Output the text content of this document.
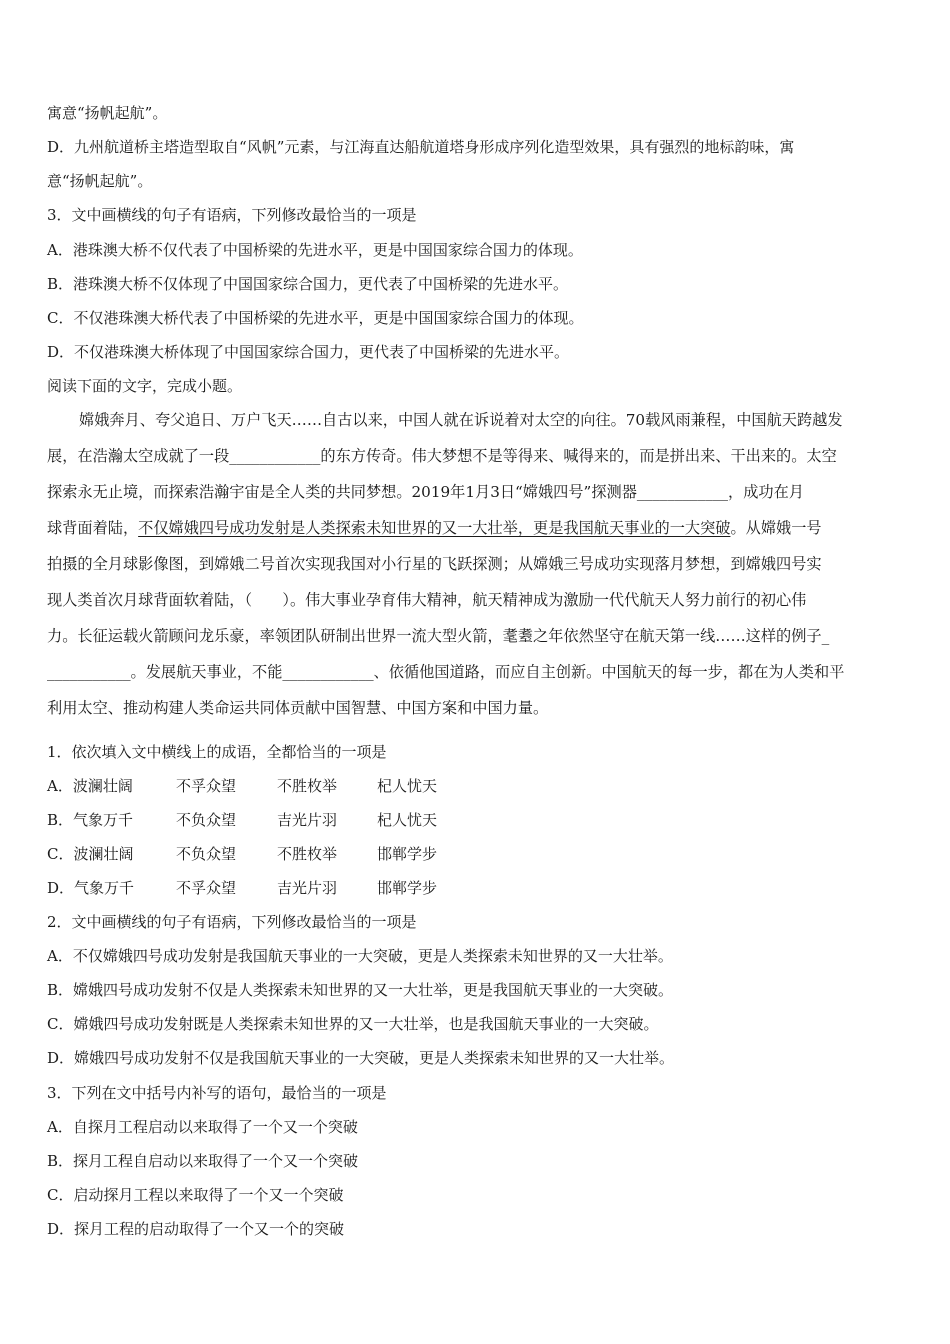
寓意“扬帆起航”。
D．九州航道桥主塔造型取自“风帆”元素，与江海直达船航道塔身形成序列化造型效果，具有强烈的地标韵味，寓
意“扬帆起航”。
3．文中画横线的句子有语病，下列修改最恰当的一项是
A．港珠澳大桥不仅代表了中国桥梁的先进水平，更是中国国家综合国力的体现。
B．港珠澳大桥不仅体现了中国国家综合国力，更代表了中国桥梁的先进水平。
C．不仅港珠澳大桥代表了中国桥梁的先进水平，更是中国国家综合国力的体现。
D．不仅港珠澳大桥体现了中国国家综合国力，更代表了中国桥梁的先进水平。
阅读下面的文字，完成小题。
嫦娥奔月、夸父追日、万户飞天……自古以来，中国人就在诉说着对太空的向往。70载风雨兼程，中国航天跨越发
展，在浩瀚太空成就了一段____________的东方传奇。伟大梦想不是等得来、喊得来的，而是拼出来、干出来的。太空
探索永无止境，而探索浩瀚宇宙是全人类的共同梦想。2019年1月3日“嫦娥四号”探测器____________，成功在月
球背面着陆，不仅嫦娥四号成功发射是人类探索未知世界的又一大壮举，更是我国航天事业的一大突破。从嫦娥一号
拍摄的全月球影像图，到嫦娥二号首次实现我国对小行星的飞跃探测；从嫦娥三号成功实现落月梦想，到嫦娥四号实
现人类首次月球背面软着陆，（　　）。伟大事业孕育伟大精神，航天精神成为激励一代代航天人努力前行的初心伟
力。长征运载火箭顾问龙乐豪，率领团队研制出世界一流大型火箭，耄耋之年依然坚守在航天第一线……这样的例子_
___________。发展航天事业，不能____________、依循他国道路，而应自主创新。中国航天的每一步，都在为人类和平
利用太空、推动构建人类命运共同体贡献中国智慧、中国方案和中国力量。
1．依次填入文中横线上的成语，全都恰当的一项是
A．波澜壮阔	不孚众望	不胜枚举	杞人忧天
B．气象万千	不负众望	吉光片羽	杞人忧天
C．波澜壮阔	不负众望	不胜枚举	邯郸学步
D．气象万千	不孚众望	吉光片羽	邯郸学步
2．文中画横线的句子有语病，下列修改最恰当的一项是
A．不仅嫦娥四号成功发射是我国航天事业的一大突破，更是人类探索未知世界的又一大壮举。
B．嫦娥四号成功发射不仅是人类探索未知世界的又一大壮举，更是我国航天事业的一大突破。
C．嫦娥四号成功发射既是人类探索未知世界的又一大壮举，也是我国航天事业的一大突破。
D．嫦娥四号成功发射不仅是我国航天事业的一大突破，更是人类探索未知世界的又一大壮举。
3．下列在文中括号内补写的语句，最恰当的一项是
A．自探月工程启动以来取得了一个又一个突破
B．探月工程自启动以来取得了一个又一个突破
C．启动探月工程以来取得了一个又一个突破
D．探月工程的启动取得了一个又一个的突破
